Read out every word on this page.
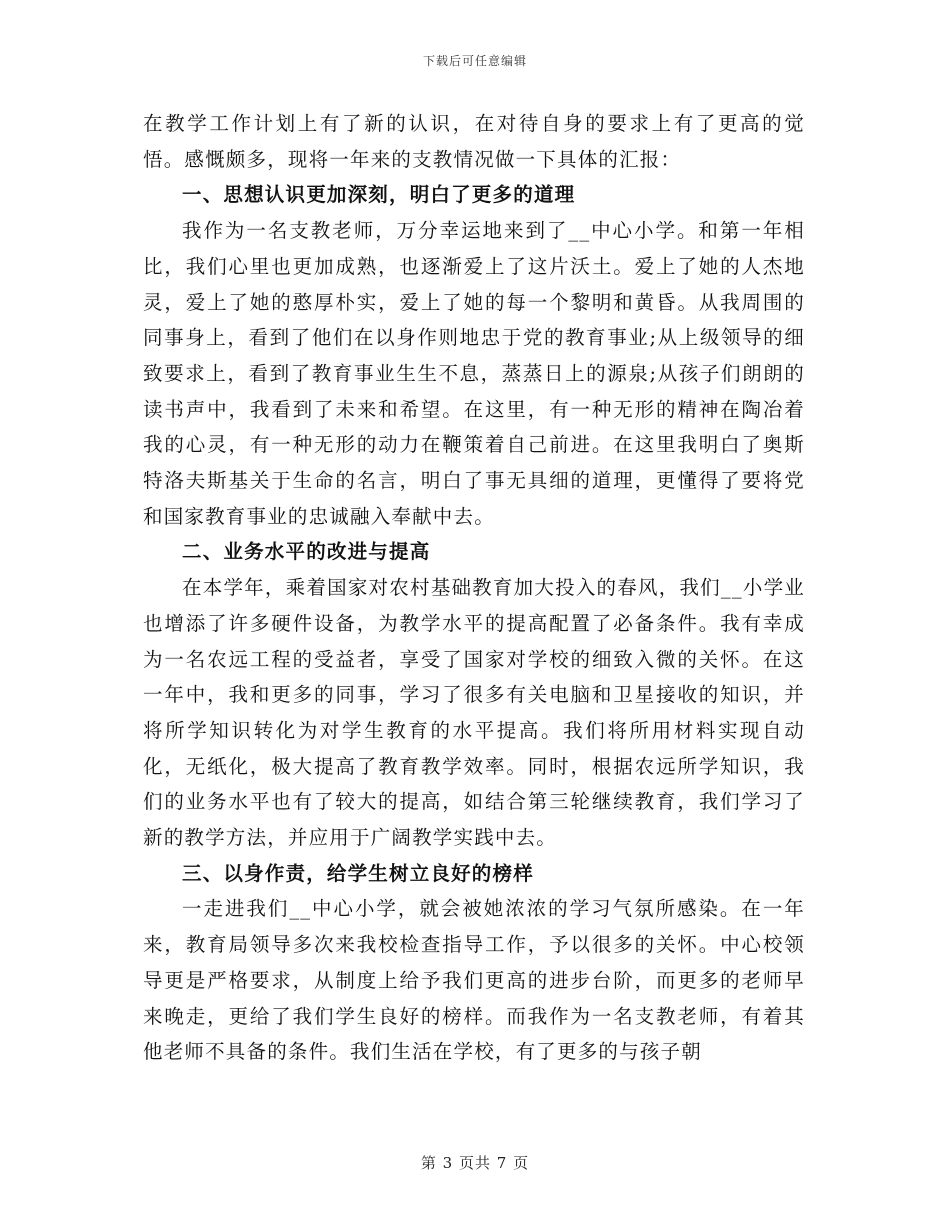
下载后可任意编辑

在教学工作计划上有了新的认识，在对待自身的要求上有了更高的觉悟。感慨颇多，现将一年来的支教情况做一下具体的汇报：

一、思想认识更加深刻，明白了更多的道理

我作为一名支教老师，万分幸运地来到了__中心小学。和第一年相比，我们心里也更加成熟，也逐渐爱上了这片沃土。爱上了她的人杰地灵，爱上了她的憨厚朴实，爱上了她的每一个黎明和黄昏。从我周围的同事身上，看到了他们在以身作则地忠于党的教育事业;从上级领导的细致要求上，看到了教育事业生生不息，蒸蒸日上的源泉;从孩子们朗朗的读书声中，我看到了未来和希望。在这里，有一种无形的精神在陶冶着我的心灵，有一种无形的动力在鞭策着自己前进。在这里我明白了奥斯特洛夫斯基关于生命的名言，明白了事无具细的道理，更懂得了要将党和国家教育事业的忠诚融入奉献中去。

二、业务水平的改进与提高

在本学年，乘着国家对农村基础教育加大投入的春风，我们__小学业也增添了许多硬件设备，为教学水平的提高配置了必备条件。我有幸成为一名农远工程的受益者，享受了国家对学校的细致入微的关怀。在这一年中，我和更多的同事，学习了很多有关电脑和卫星接收的知识，并将所学知识转化为对学生教育的水平提高。我们将所用材料实现自动化，无纸化，极大提高了教育教学效率。同时，根据农远所学知识，我们的业务水平也有了较大的提高，如结合第三轮继续教育，我们学习了新的教学方法，并应用于广阔教学实践中去。

三、以身作责，给学生树立良好的榜样

一走进我们__中心小学，就会被她浓浓的学习气氛所感染。在一年来，教育局领导多次来我校检查指导工作，予以很多的关怀。中心校领导更是严格要求，从制度上给予我们更高的进步台阶，而更多的老师早来晚走，更给了我们学生良好的榜样。而我作为一名支教老师，有着其他老师不具备的条件。我们生活在学校，有了更多的与孩子朝

第 3 页共 7 页
